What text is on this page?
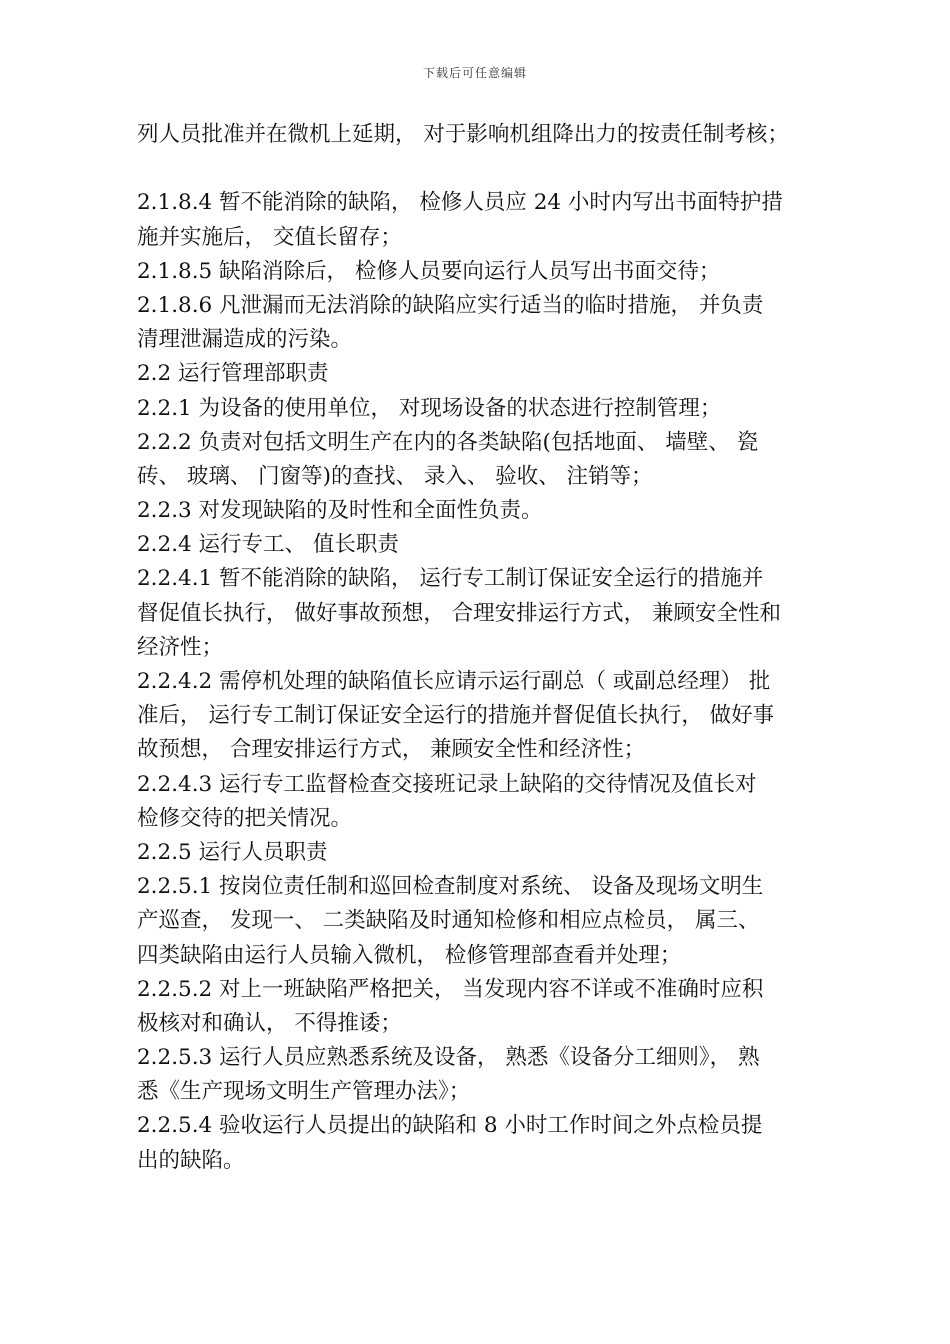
下载后可任意编辑
列人员批准并在微机上延期， 对于影响机组降出力的按责任制考核；
2.1.8.4 暂不能消除的缺陷， 检修人员应 24 小时内写出书面特护措
施并实施后， 交值长留存；
2.1.8.5 缺陷消除后， 检修人员要向运行人员写出书面交待；
2.1.8.6 凡泄漏而无法消除的缺陷应实行适当的临时措施， 并负责
清理泄漏造成的污染。
2.2 运行管理部职责
2.2.1 为设备的使用单位， 对现场设备的状态进行控制管理；
2.2.2 负责对包括文明生产在内的各类缺陷(包括地面、 墙壁、 瓷
砖、 玻璃、 门窗等)的查找、 录入、 验收、 注销等；
2.2.3 对发现缺陷的及时性和全面性负责。
2.2.4 运行专工、 值长职责
2.2.4.1 暂不能消除的缺陷， 运行专工制订保证安全运行的措施并
督促值长执行， 做好事故预想， 合理安排运行方式， 兼顾安全性和
经济性；
2.2.4.2 需停机处理的缺陷值长应请示运行副总（ 或副总经理） 批
准后， 运行专工制订保证安全运行的措施并督促值长执行， 做好事
故预想， 合理安排运行方式， 兼顾安全性和经济性；
2.2.4.3 运行专工监督检查交接班记录上缺陷的交待情况及值长对
检修交待的把关情况。
2.2.5 运行人员职责
2.2.5.1 按岗位责任制和巡回检查制度对系统、 设备及现场文明生
产巡查， 发现一、 二类缺陷及时通知检修和相应点检员， 属三、
四类缺陷由运行人员输入微机， 检修管理部查看并处理；
2.2.5.2 对上一班缺陷严格把关， 当发现内容不详或不准确时应积
极核对和确认， 不得推诿；
2.2.5.3 运行人员应熟悉系统及设备， 熟悉《设备分工细则》， 熟
悉《生产现场文明生产管理办法》；
2.2.5.4 验收运行人员提出的缺陷和 8 小时工作时间之外点检员提
出的缺陷。
